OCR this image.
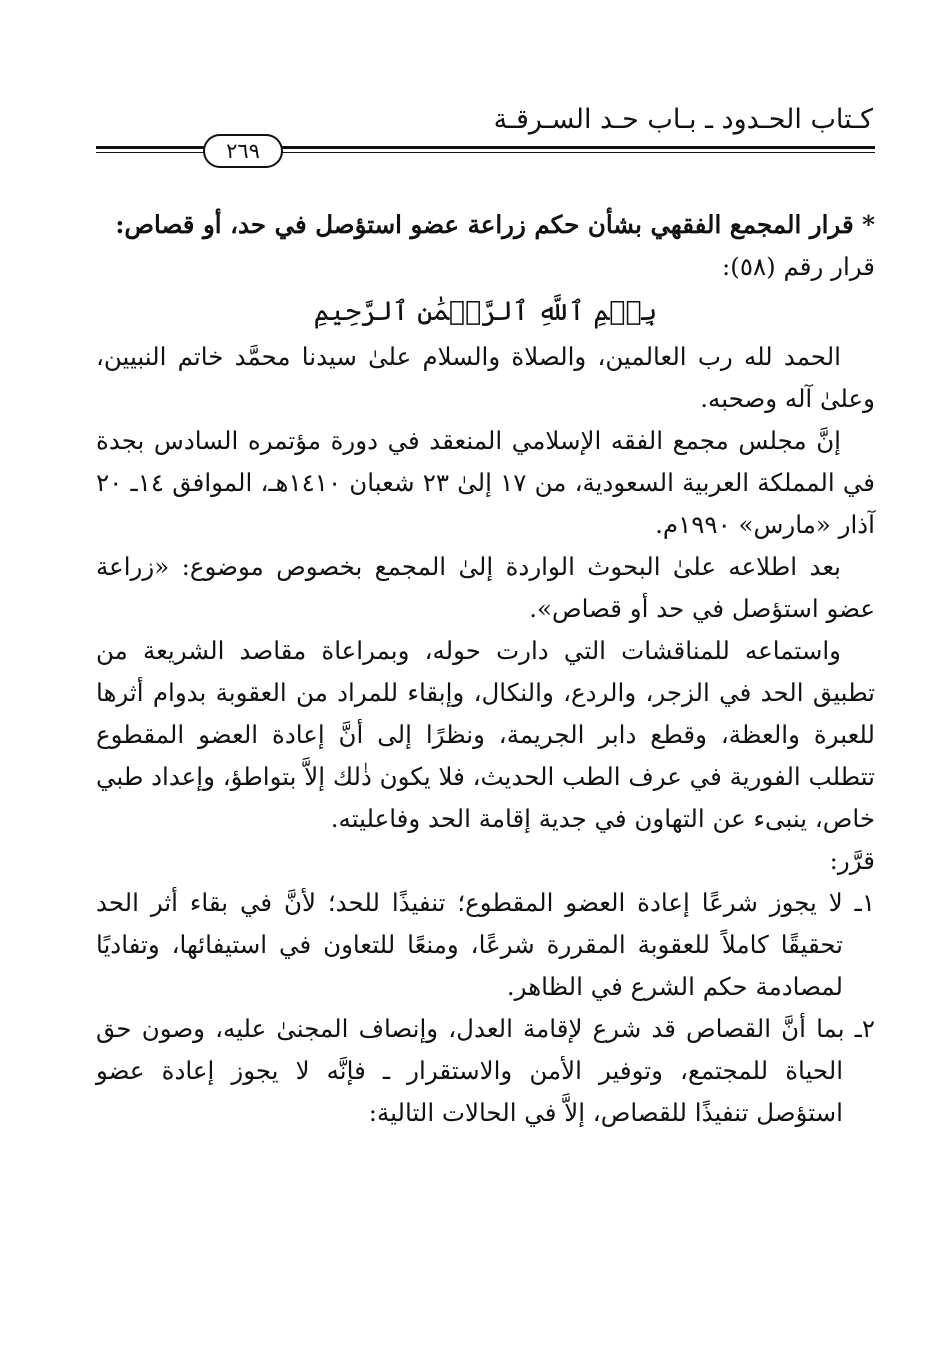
كـتاب الحـدود ـ بـاب حـد السـرقـة
٢٦٩

* قرار المجمع الفقهي بشأن حكم زراعة عضو استؤصل في حد، أو قصاص:

قرار رقم (٥٨):

بِسۡمِ ٱللَّهِ ٱلرَّحۡمَٰنِ ٱلرَّحِيمِ

الحمد لله رب العالمين، والصلاة والسلام علىٰ سيدنا محمَّد خاتم النبيين، وعلىٰ آله وصحبه.

إنَّ مجلس مجمع الفقه الإسلامي المنعقد في دورة مؤتمره السادس بجدة في المملكة العربية السعودية، من ١٧ إلىٰ ٢٣ شعبان ١٤١٠هـ، الموافق ١٤ـ ٢٠ آذار «مارس» ١٩٩٠م.

بعد اطلاعه علىٰ البحوث الواردة إلىٰ المجمع بخصوص موضوع: «زراعة عضو استؤصل في حد أو قصاص».

واستماعه للمناقشات التي دارت حوله، وبمراعاة مقاصد الشريعة من تطبيق الحد في الزجر، والردع، والنكال، وإبقاء للمراد من العقوبة بدوام أثرها للعبرة والعظة، وقطع دابر الجريمة، ونظرًا إلى أنَّ إعادة العضو المقطوع تتطلب الفورية في عرف الطب الحديث، فلا يكون ذٰلك إلاَّ بتواطؤ، وإعداد طبي خاص، ينبىء عن التهاون في جدية إقامة الحد وفاعليته.

قرَّر:

١ـ لا يجوز شرعًا إعادة العضو المقطوع؛ تنفيذًا للحد؛ لأنَّ في بقاء أثر الحد تحقيقًا كاملاً للعقوبة المقررة شرعًا، ومنعًا للتعاون في استيفائها، وتفاديًا لمصادمة حكم الشرع في الظاهر.

٢ـ بما أنَّ القصاص قد شرع لإقامة العدل، وإنصاف المجنىٰ عليه، وصون حق الحياة للمجتمع، وتوفير الأمن والاستقرار ـ فإنَّه لا يجوز إعادة عضو استؤصل تنفيذًا للقصاص، إلاَّ في الحالات التالية:
